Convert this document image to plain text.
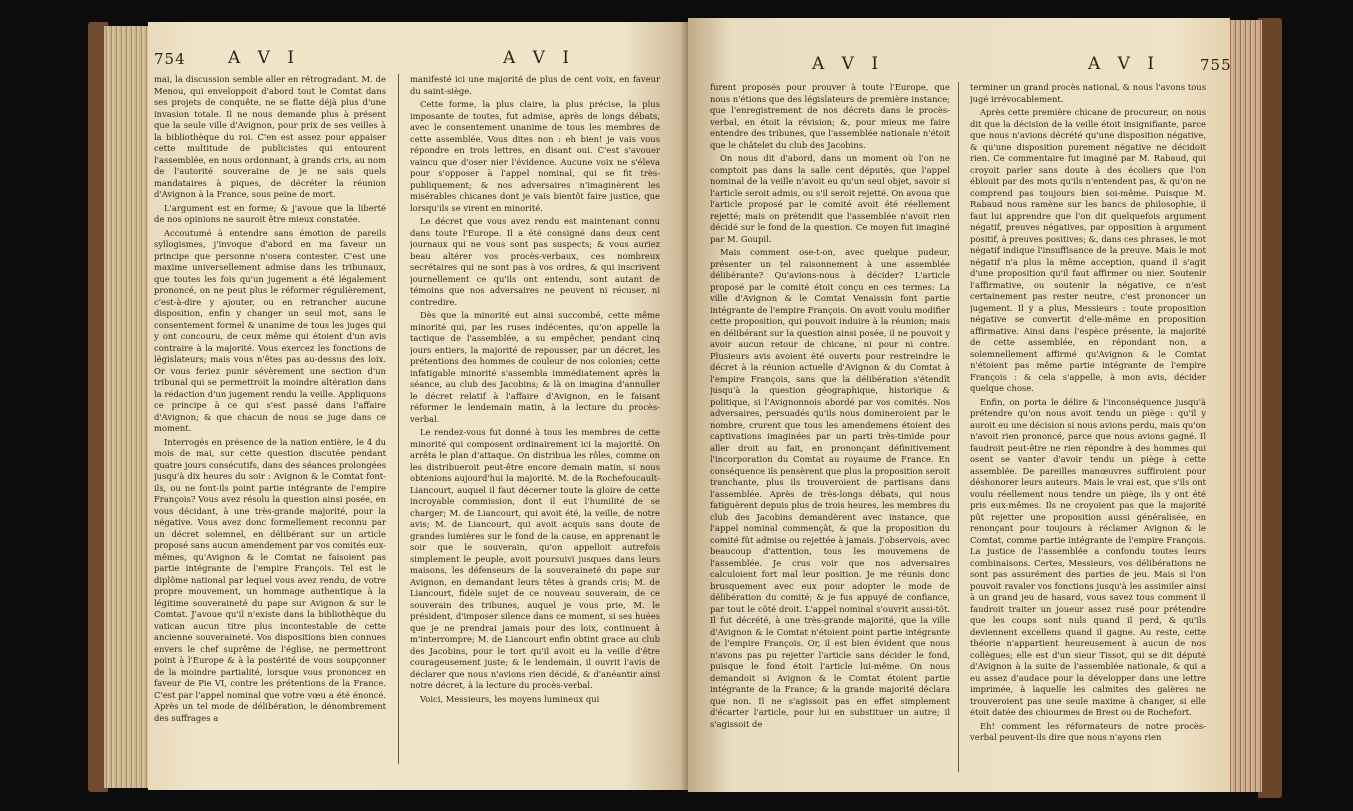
754 A V I	A V I

mai, la discussion semble aller en rétrogradant. M. de Menou, qui enveloppoit d'abord tout le Comtat dans ses projets de conquête, ne se flatte déjà plus d'une invasion totale. Il ne nous demande plus à présent que la seule ville d'Avignon, pour prix de ses veilles à la bibliothèque du roi. C'en est assez pour appaiser cette multitude de publicistes qui entourent l'assemblée, en nous ordonnant, à grands cris, au nom de l'autorité souveraine de je ne sais quels mandataires à piques, de décréter la réunion d'Avignon à la France, sous peine de mort.

L'argument est en forme; & j'avoue que la liberté de nos opinions ne sauroit être mieux constatée.

Accoutumé à entendre sans émotion de pareils syllogismes, j'invoque d'abord en ma faveur un principe que personne n'osera contester. C'est une maxime universellement admise dans les tribunaux, que toutes les fois qu'un jugement a été légalement prononcé, on ne peut plus le réformer régulièrement, c'est-à-dire y ajouter, ou en retrancher aucune disposition, enfin y changer un seul mot, sans le consentement formel & unanime de tous les juges qui y ont concouru, de ceux même qui étoient d'un avis contraire à la majorité. Vous exercez les fonctions de législateurs; mais vous n'êtes pas au-dessus des loix. Or vous feriez punir sévèrement une section d'un tribunal qui se permettroit la moindre altération dans la rédaction d'un jugement rendu la veille. Appliquons ce principe à ce qui s'est passé dans l'affaire d'Avignon; & que chacun de nous se juge dans ce moment.

Interrogés en présence de la nation entière, le 4 du mois de mai, sur cette question discutée pendant quatre jours consécutifs, dans des séances prolongées jusqu'à dix heures du soir : Avignon & le Comtat font-ils, ou ne font-ils point partie intégrante de l'empire François? Vous avez résolu la question ainsi posée, en vous décidant, à une très-grande majorité, pour la négative. Vous avez donc formellement reconnu par un décret solemnel, en délibérant sur un article proposé sans aucun amendement par vos comités eux-mêmes, qu'Avignon & le Comtat ne faisoient pas partie intégrante de l'empire François. Tel est le diplôme national par lequel vous avez rendu, de votre propre mouvement, un hommage authentique à la légitime souveraineté du pape sur Avignon & sur le Comtat. J'avoue qu'il n'existe dans la bibliothèque du vatican aucun titre plus incontestable de cette ancienne souveraineté. Vos dispositions bien connues envers le chef suprême de l'église, ne permettront point à l'Europe & à la postérité de vous soupçonner de la moindre partialité, lorsque vous prononcez en faveur de Pie VI, contre les prétentions de la France. C'est par l'appel nominal que votre vœu a été énoncé. Après un tel mode de délibération, le dénombrement des suffrages a

manifesté ici une majorité de plus de cent voix, en faveur du saint-siège.

Cette forme, la plus claire, la plus précise, la plus imposante de toutes, fut admise, après de longs débats, avec le consentement unanime de tous les membres de cette assemblée. Vous dites non : eh bien! je vais vous répondre en trois lettres, en disant oui. C'est s'avouer vaincu que d'oser nier l'évidence. Aucune voix ne s'éleva pour s'opposer à l'appel nominal, qui se fit très-publiquement; & nos adversaires n'imaginèrent les misérables chicanes dont je vais bientôt faire justice, que lorsqu'ils se virent en minorité.

Le décret que vous avez rendu est maintenant connu dans toute l'Europe. Il a été consigné dans deux cent journaux qui ne vous sont pas suspects; & vous auriez beau altérer vos procès-verbaux, ces nombreux secrétaires qui ne sont pas à vos ordres, & qui inscrivent journellement ce qu'ils ont entendu, sont autant de témoins que nos adversaires ne peuvent ni récuser, ni contredire.

Dès que la minorité eut ainsi succombé, cette même minorité qui, par les ruses indécentes, qu'on appelle la tactique de l'assemblée, a su empêcher, pendant cinq jours entiers, la majorité de repousser, par un décret, les prétentions des hommes de couleur de nos colonies; cette infatigable minorité s'assembla immédiatement après la séance, au club des Jacobins; & là on imagina d'annuller le décret relatif à l'affaire d'Avignon, en le faisant réformer le lendemain matin, à la lecture du procès-verbal.

Le rendez-vous fut donné à tous les membres de cette minorité qui composent ordinairement ici la majorité. On arrêta le plan d'attaque. On distribua les rôles, comme on les distribueroit peut-être encore demain matin, si nous obtenions aujourd'hui la majorité. M. de la Rochefoucault-Liancourt, auquel il faut décerner toute la gloire de cette incroyable commission, dont il eut l'humilité de se charger; M. de Liancourt, qui avoit été, la veille, de notre avis; M. de Liancourt, qui avoit acquis sans doute de grandes lumières sur le fond de la cause, en apprenant le soir que le souverain, qu'on appelloit autrefois simplement le peuple, avoit poursuivi jusques dans leurs maisons, les défenseurs de la souveraineté du pape sur Avignon, en demandant leurs têtes à grands cris; M. de Liancourt, fidèle sujet de ce nouveau souverain, de ce souverain des tribunes, auquel je vous prie, M. le président, d'imposer silence dans ce moment, si ses huées que je ne prendrai jamais pour des loix, continuent à m'interrompre; M. de Liancourt enfin obtint grace au club des Jacobins, pour le tort qu'il avoit eu la veille d'être courageusement juste; & le lendemain, il ouvrit l'avis de déclarer que nous n'avions rien décidé, & d'anéantir ainsi notre décret, à la lecture du procès-verbal.

Voici, Messieurs, les moyens lumineux qui

A V I	A V I	755

furent proposés pour prouver à toute l'Europe, que nous n'étions que des législateurs de première instance; que l'enregistrement de nos décrets dans le procès-verbal, en étoit la révision; &, pour mieux me faire entendre des tribunes, que l'assemblée nationale n'étoit que le châtelet du club des Jacobins.

On nous dit d'abord, dans un moment où l'on ne comptoit pas dans la salle cent députés, que l'appel nominal de la veille n'avoit eu qu'un seul objet, savoir si l'article seroit admis, ou s'il seroit rejetté. On avoua que l'article proposé par le comité avoit été réellement rejetté; mais on prétendit que l'assemblée n'avoit rien décidé sur le fond de la question. Ce moyen fut imaginé par M. Goupil.

Mais comment ose-t-on, avec quelque pudeur, présenter un tel raisonnement à une assemblée délibérante? Qu'avions-nous à décider? L'article proposé par le comité étoit conçu en ces termes: La ville d'Avignon & le Comtat Venaissin font partie intégrante de l'empire François. On avoit voulu modifier cette proposition, qui pouvoit induire à la réunion; mais en délibérant sur la question ainsi posée, il ne pouvoit y avoir aucun retour de chicane, ni pour ni contre. Plusieurs avis avoient été ouverts pour restreindre le décret à la réunion actuelle d'Avignon & du Comtat à l'empire François, sans que la délibération s'étendît jusqu'à la question géographique, historique & politique, si l'Avignonnois abordé par vos comités. Nos adversaires, persuadés qu'ils nous domineroient par le nombre, crurent que tous les amendemens étoient des captivations imaginées par un parti très-timide pour aller droit au fait, en prononçant définitivement l'incorporation du Comtat au royaume de France. En conséquence ils pensèrent que plus la proposition seroit tranchante, plus ils trouveroient de partisans dans l'assemblée. Après de très-longs débats, qui nous fatiguèrent depuis plus de trois heures, les membres du club des Jacobins demandèrent avec instance, que l'appel nominal commençât, & que la proposition du comité fût admise ou rejettée à jamais. J'observois, avec beaucoup d'attention, tous les mouvemens de l'assemblée. Je crus voir que nos adversaires calculoient fort mal leur position. Je me réunis donc brusquement avec eux pour adopter le mode de délibération du comité; & je fus appuyé de confiance, par tout le côté droit. L'appel nominal s'ouvrit aussi-tôt. Il fut décrété, à une très-grande majorité, que la ville d'Avignon & le Comtat n'étoient point partie intégrante de l'empire François. Or, il est bien évident que nous n'avons pas pu rejetter l'article sans décider le fond, puisque le fond étoit l'article lui-même. On nous demandoit si Avignon & le Comtat étoient partie intégrante de la France; & la grande majorité déclara que non. Il ne s'agissoit pas en effet simplement d'écarter l'article, pour lui en substituer un autre; il s'agissoit de

terminer un grand procès national, & nous l'avons tous jugé irrévocablement.

Après cette première chicane de procureur, on nous dit que la décision de la veille étoit insignifiante, parce que nous n'avions décrété qu'une disposition négative, & qu'une disposition purement négative ne décidoit rien. Ce commentaire fut imaginé par M. Rabaud, qui croyoit parler sans doute à des écoliers que l'on éblouit par des mots qu'ils n'entendent pas, & qu'on ne comprend pas toujours bien soi-même. Puisque M. Rabaud nous ramène sur les bancs de philosophie, il faut lui apprendre que l'on dit quelquefois argument négatif, preuves négatives, par opposition à argument positif, à preuves positives; &, dans ces phrases, le mot négatif indique l'insuffisance de la preuve. Mais le mot négatif n'a plus la même acception, quand il s'agit d'une proposition qu'il faut affirmer ou nier. Soutenir l'affirmative, ou soutenir la négative, ce n'est certainement pas rester neutre, c'est prononcer un jugement. Il y a plus, Messieurs : toute proposition négative se convertit d'elle-même en proposition affirmative. Ainsi dans l'espèce présente, la majorité de cette assemblée, en répondant non, a solemnellement affirmé qu'Avignon & le Comtat n'étoient pas même partie intégrante de l'empire François : & cela s'appelle, à mon avis, décider quelque chose.

Enfin, on porta le délire & l'inconséquence jusqu'à prétendre qu'on nous avoit tendu un piège : qu'il y auroit eu une décision si nous avions perdu, mais qu'on n'avoit rien prononcé, parce que nous avions gagné. Il faudroit peut-être ne rien répondre à des hommes qui osent se vanter d'avoir tendu un piège à cette assemblée. De pareilles manœuvres suffiroient pour déshonorer leurs auteurs. Mais le vrai est, que s'ils ont voulu réellement nous tendre un piège, ils y ont été pris eux-mêmes. Ils ne croyoient pas que la majorité pût rejetter une proposition aussi généralisée, en renonçant pour toujours à réclamer Avignon & le Comtat, comme partie intégrante de l'empire François. La justice de l'assemblée a confondu toutes leurs combinaisons. Certes, Messieurs, vos délibérations ne sont pas assurément des parties de jeu. Mais si l'on pouvoit ravaler vos fonctions jusqu'à les assimiler ainsi à un grand jeu de hasard, vous savez tous comment il faudroit traiter un joueur assez rusé pour prétendre que les coups sont nuls quand il perd, & qu'ils deviennent excellens quand il gagne. Au reste, cette théorie n'appartient heureusement à aucun de nos collègues; elle est d'un sieur Tissot, qui se dit député d'Avignon à la suite de l'assemblée nationale, & qui a eu assez d'audace pour la développer dans une lettre imprimée, à laquelle les calmites des galères ne trouveroient pas une seule maxime à changer, si elle étoit datée des chiourmes de Brest ou de Rochefort.

Eh! comment les réformateurs de notre procès-verbal peuvent-ils dire que nous n'ayons rien
